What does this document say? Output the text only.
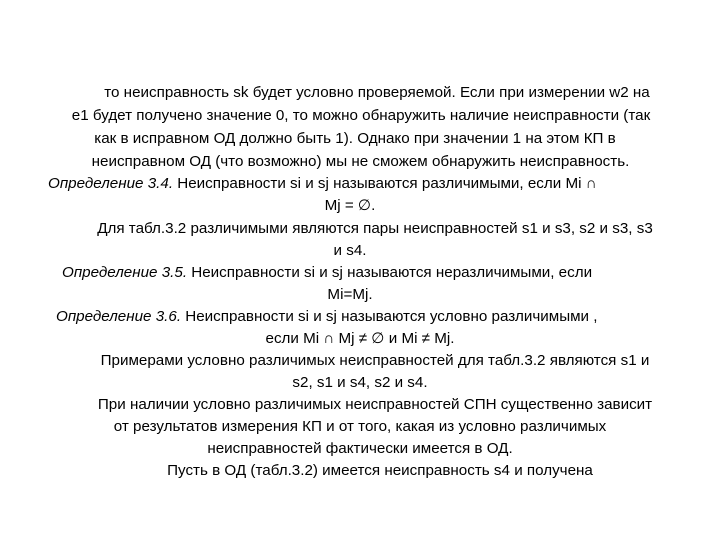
то неисправность sk будет условно проверяемой. Если при измерении w2 на
e1 будет получено значение 0, то можно обнаружить наличие неисправности (так
как в исправном ОД должно быть 1). Однако при значении 1 на этом КП в
неисправном ОД (что возможно) мы не сможем обнаружить неисправность.
Определение 3.4. Неисправности si и sj называются различимыми, если Mi ∩
Mj = ∅.
Для табл.3.2 различимыми являются пары неисправностей s1 и s3, s2 и s3, s3
и s4.
Определение 3.5. Неисправности si и sj называются неразличимыми, если
Mi=Mj.
Определение 3.6. Неисправности si и sj называются условно различимыми ,
если Mi ∩ Mj ≠ ∅ и Mi ≠ Mj.
Примерами условно различимых неисправностей для табл.3.2 являются s1 и
s2, s1 и s4, s2 и s4.
При наличии условно различимых неисправностей СПН существенно зависит
от результатов измерения КП и от того, какая из условно различимых
неисправностей фактически имеется в ОД.
Пусть в ОД (табл.3.2) имеется неисправность s4 и получена
